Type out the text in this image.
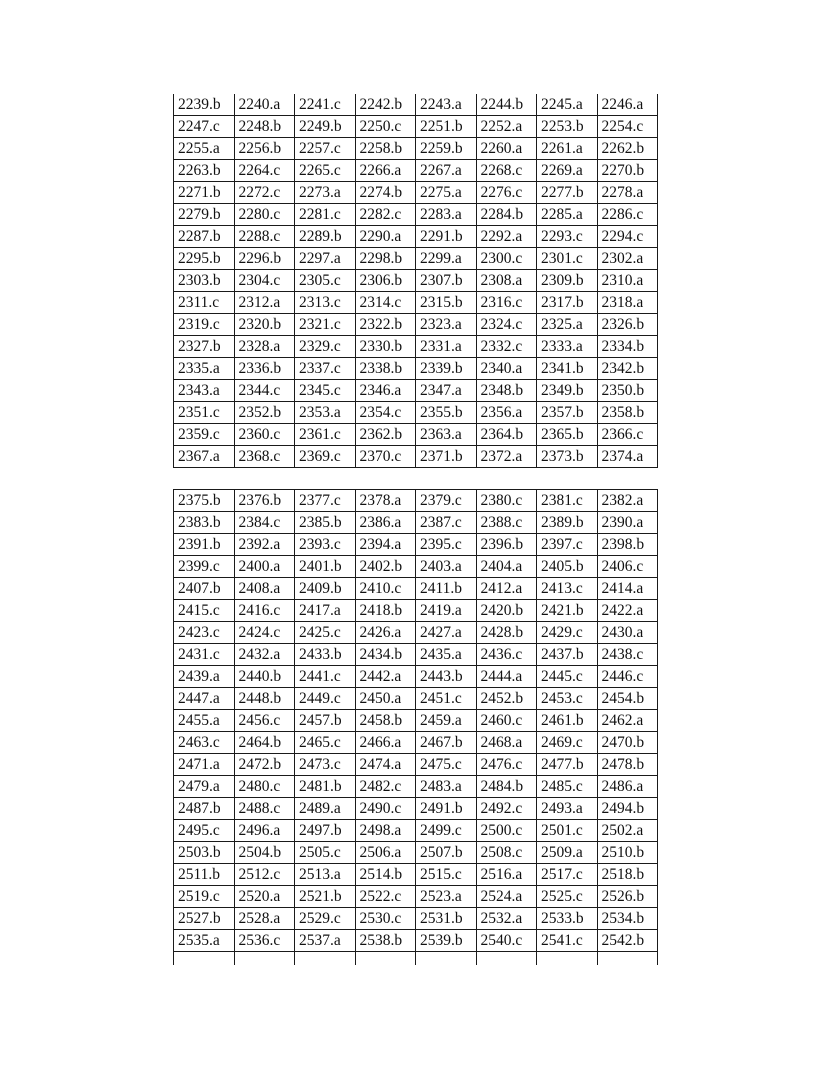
2239.b	2240.a	2241.c	2242.b	2243.a	2244.b	2245.a	2246.a
2247.c	2248.b	2249.b	2250.c	2251.b	2252.a	2253.b	2254.c
2255.a	2256.b	2257.c	2258.b	2259.b	2260.a	2261.a	2262.b
2263.b	2264.c	2265.c	2266.a	2267.a	2268.c	2269.a	2270.b
2271.b	2272.c	2273.a	2274.b	2275.a	2276.c	2277.b	2278.a
2279.b	2280.c	2281.c	2282.c	2283.a	2284.b	2285.a	2286.c
2287.b	2288.c	2289.b	2290.a	2291.b	2292.a	2293.c	2294.c
2295.b	2296.b	2297.a	2298.b	2299.a	2300.c	2301.c	2302.a
2303.b	2304.c	2305.c	2306.b	2307.b	2308.a	2309.b	2310.a
2311.c	2312.a	2313.c	2314.c	2315.b	2316.c	2317.b	2318.a
2319.c	2320.b	2321.c	2322.b	2323.a	2324.c	2325.a	2326.b
2327.b	2328.a	2329.c	2330.b	2331.a	2332.c	2333.a	2334.b
2335.a	2336.b	2337.c	2338.b	2339.b	2340.a	2341.b	2342.b
2343.a	2344.c	2345.c	2346.a	2347.a	2348.b	2349.b	2350.b
2351.c	2352.b	2353.a	2354.c	2355.b	2356.a	2357.b	2358.b
2359.c	2360.c	2361.c	2362.b	2363.a	2364.b	2365.b	2366.c
2367.a	2368.c	2369.c	2370.c	2371.b	2372.a	2373.b	2374.a
2375.b	2376.b	2377.c	2378.a	2379.c	2380.c	2381.c	2382.a
2383.b	2384.c	2385.b	2386.a	2387.c	2388.c	2389.b	2390.a
2391.b	2392.a	2393.c	2394.a	2395.c	2396.b	2397.c	2398.b
2399.c	2400.a	2401.b	2402.b	2403.a	2404.a	2405.b	2406.c
2407.b	2408.a	2409.b	2410.c	2411.b	2412.a	2413.c	2414.a
2415.c	2416.c	2417.a	2418.b	2419.a	2420.b	2421.b	2422.a
2423.c	2424.c	2425.c	2426.a	2427.a	2428.b	2429.c	2430.a
2431.c	2432.a	2433.b	2434.b	2435.a	2436.c	2437.b	2438.c
2439.a	2440.b	2441.c	2442.a	2443.b	2444.a	2445.c	2446.c
2447.a	2448.b	2449.c	2450.a	2451.c	2452.b	2453.c	2454.b
2455.a	2456.c	2457.b	2458.b	2459.a	2460.c	2461.b	2462.a
2463.c	2464.b	2465.c	2466.a	2467.b	2468.a	2469.c	2470.b
2471.a	2472.b	2473.c	2474.a	2475.c	2476.c	2477.b	2478.b
2479.a	2480.c	2481.b	2482.c	2483.a	2484.b	2485.c	2486.a
2487.b	2488.c	2489.a	2490.c	2491.b	2492.c	2493.a	2494.b
2495.c	2496.a	2497.b	2498.a	2499.c	2500.c	2501.c	2502.a
2503.b	2504.b	2505.c	2506.a	2507.b	2508.c	2509.a	2510.b
2511.b	2512.c	2513.a	2514.b	2515.c	2516.a	2517.c	2518.b
2519.c	2520.a	2521.b	2522.c	2523.a	2524.a	2525.c	2526.b
2527.b	2528.a	2529.c	2530.c	2531.b	2532.a	2533.b	2534.b
2535.a	2536.c	2537.a	2538.b	2539.b	2540.c	2541.c	2542.b
